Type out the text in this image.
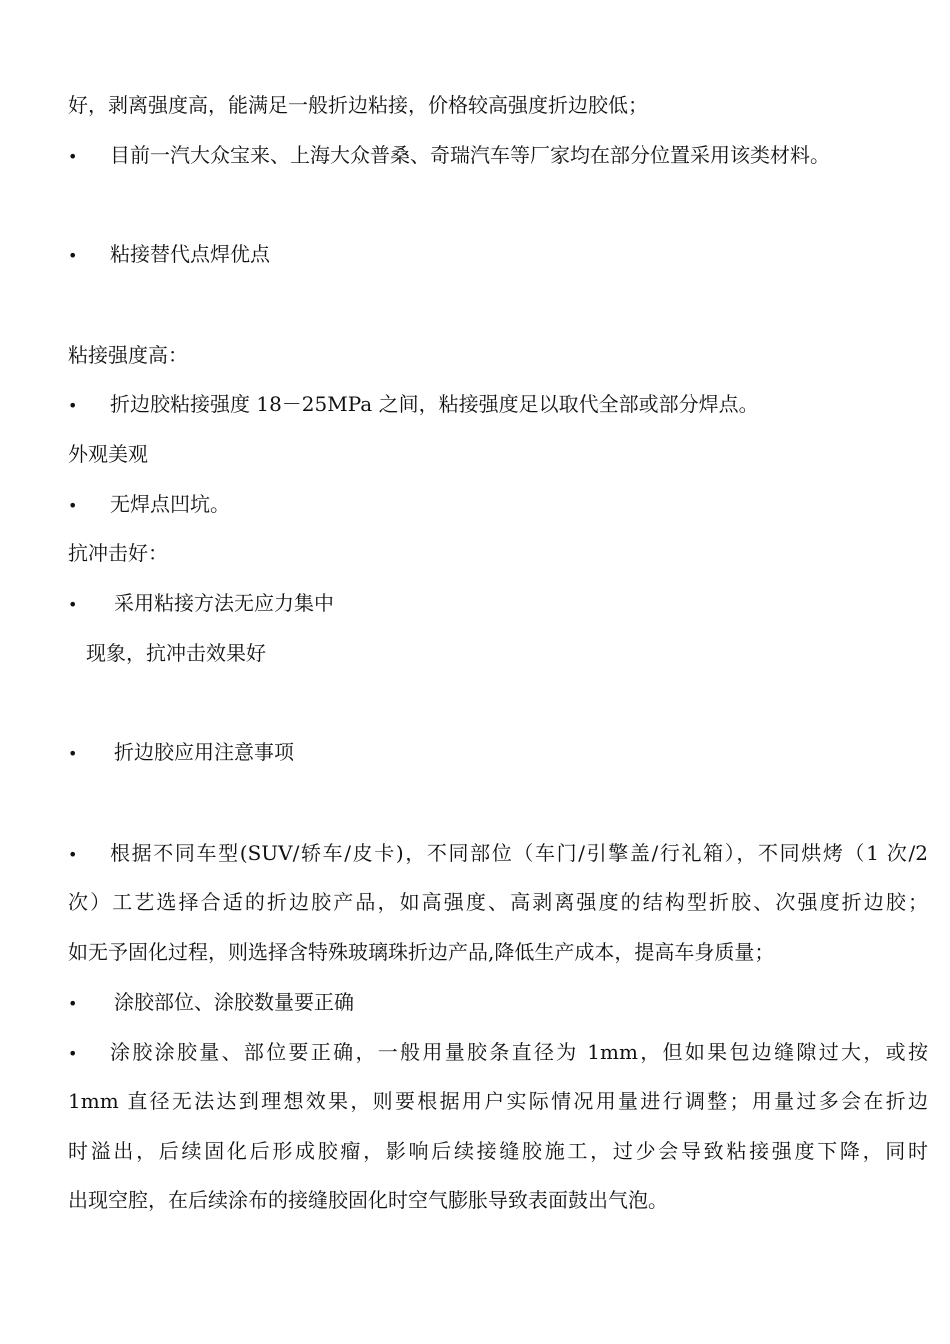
好，剥离强度高，能满足一般折边粘接，价格较高强度折边胶低；
•	目前一汽大众宝来、上海大众普桑、奇瑞汽车等厂家均在部分位置采用该类材料。
•	粘接替代点焊优点
粘接强度高：
•	折边胶粘接强度 18－25MPa 之间，粘接强度足以取代全部或部分焊点。
外观美观
•	无焊点凹坑。
抗冲击好：
•	采用粘接方法无应力集中
现象，抗冲击效果好
•	折边胶应用注意事项
•	根据不同车型(SUV/轿车/皮卡)，不同部位（车门/引擎盖/行礼箱），不同烘烤（1 次/2
次）工艺选择合适的折边胶产品，如高强度、高剥离强度的结构型折胶、次强度折边胶；
如无予固化过程，则选择含特殊玻璃珠折边产品,降低生产成本，提高车身质量；
•	涂胶部位、涂胶数量要正确
•	涂胶涂胶量、部位要正确，一般用量胶条直径为 1mm，但如果包边缝隙过大，或按
1mm 直径无法达到理想效果，则要根据用户实际情况用量进行调整；用量过多会在折边
时溢出，后续固化后形成胶瘤，影响后续接缝胶施工，过少会导致粘接强度下降，同时
出现空腔，在后续涂布的接缝胶固化时空气膨胀导致表面鼓出气泡。
